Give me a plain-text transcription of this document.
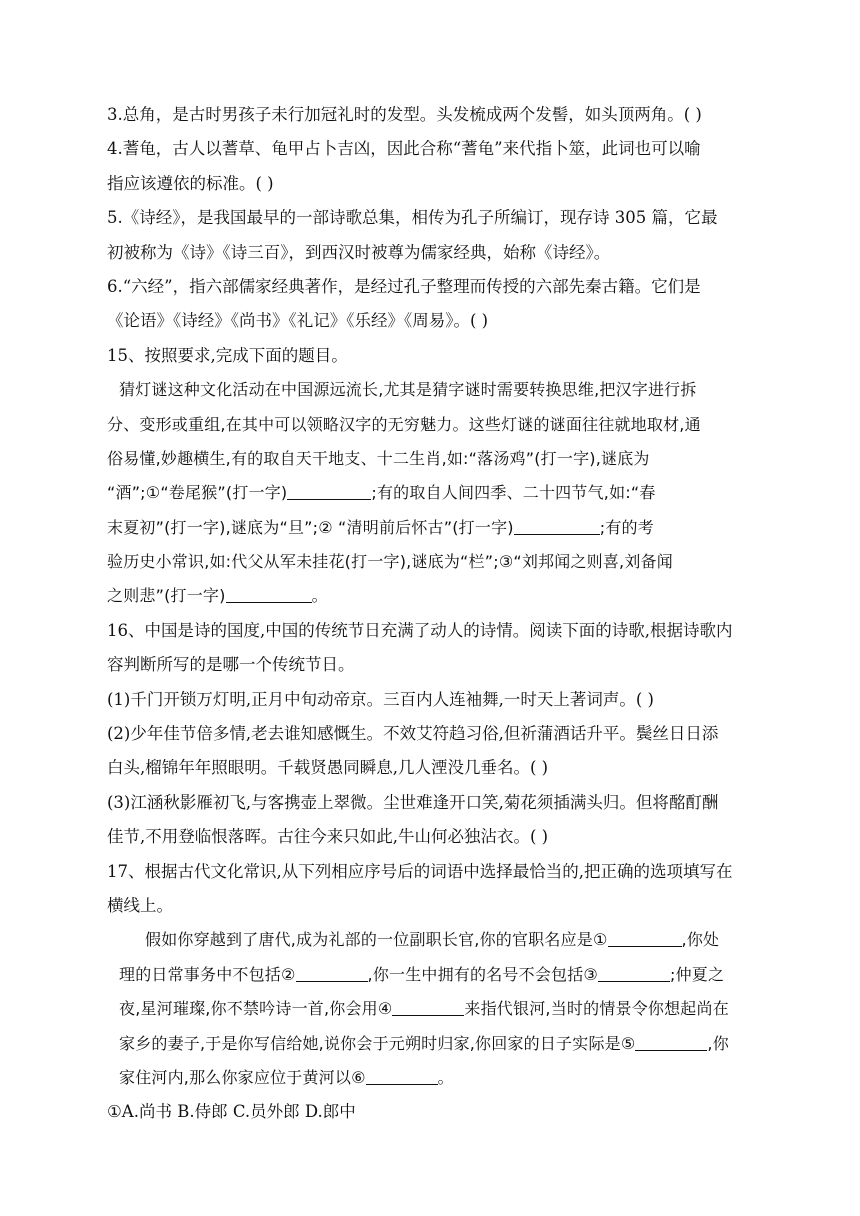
3.总角，是古时男孩子未行加冠礼时的发型。头发梳成两个发髻，如头顶两角。( )
4.蓍龟，古人以蓍草、龟甲占卜吉凶，因此合称“蓍龟”来代指卜筮，此词也可以喻
指应该遵依的标准。( )
5.《诗经》，是我国最早的一部诗歌总集，相传为孔子所编订，现存诗 305 篇，它最
初被称为《诗》《诗三百》，到西汉时被尊为儒家经典，始称《诗经》。
6.“六经”，指六部儒家经典著作，是经过孔子整理而传授的六部先秦古籍。它们是
《论语》《诗经》《尚书》《礼记》《乐经》《周易》。( )
15、按照要求,完成下面的题目。
猜灯谜这种文化活动在中国源远流长,尤其是猜字谜时需要转换思维,把汉字进行拆
分、变形或重组,在其中可以领略汉字的无穷魅力。这些灯谜的谜面往往就地取材,通
俗易懂,妙趣横生,有的取自天干地支、十二生肖,如:“落汤鸡”(打一字),谜底为
“酒”;①“卷尾猴”(打一字)	;有的取自人间四季、二十四节气,如:“春
末夏初”(打一字),谜底为“旦”;② “清明前后怀古”(打一字)	;有的考
验历史小常识,如:代父从军未挂花(打一字),谜底为“栏”;③“刘邦闻之则喜,刘备闻
之则悲”(打一字)	。
16、中国是诗的国度,中国的传统节日充满了动人的诗情。阅读下面的诗歌,根据诗歌内
容判断所写的是哪一个传统节日。
(1)千门开锁万灯明,正月中旬动帝京。三百内人连袖舞,一时天上著词声。( )
(2)少年佳节倍多情,老去谁知感慨生。不效艾符趋习俗,但祈蒲酒话升平。鬓丝日日添
白头,榴锦年年照眼明。千载贤愚同瞬息,几人湮没几垂名。( )
(3)江涵秋影雁初飞,与客携壶上翠微。尘世难逢开口笑,菊花须插满头归。但将酩酊酬
佳节,不用登临恨落晖。古往今来只如此,牛山何必独沾衣。( )
17、根据古代文化常识,从下列相应序号后的词语中选择最恰当的,把正确的选项填写在
横线上。
假如你穿越到了唐代,成为礼部的一位副职长官,你的官职名应是①	,你处
理的日常事务中不包括②	,你一生中拥有的名号不会包括③	;仲夏之
夜,星河璀璨,你不禁吟诗一首,你会用④	来指代银河,当时的情景令你想起尚在
家乡的妻子,于是你写信给她,说你会于元朔时归家,你回家的日子实际是⑤	,你
家住河内,那么你家应位于黄河以⑥	。
①A.尚书 B.侍郎 C.员外郎 D.郎中
